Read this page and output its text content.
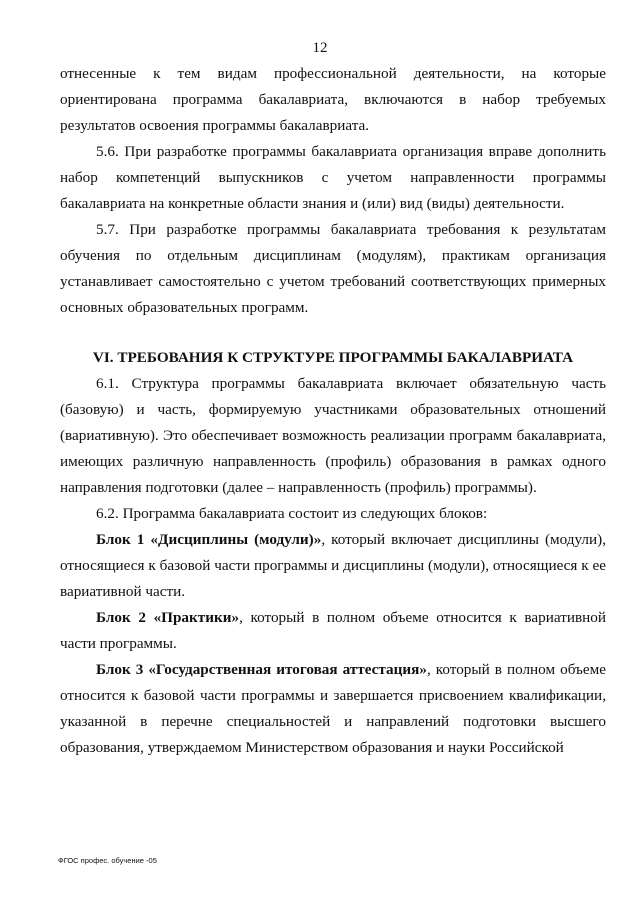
12

отнесенные к тем видам профессиональной деятельности, на которые ориентирована программа бакалавриата, включаются в набор требуемых результатов освоения программы бакалавриата.

5.6. При разработке программы бакалавриата организация вправе дополнить набор компетенций выпускников с учетом направленности программы бакалавриата на конкретные области знания и (или) вид (виды) деятельности.

5.7. При разработке программы бакалавриата требования к результатам обучения по отдельным дисциплинам (модулям), практикам организация устанавливает самостоятельно с учетом требований соответствующих примерных основных образовательных программ.

VI. ТРЕБОВАНИЯ К СТРУКТУРЕ ПРОГРАММЫ БАКАЛАВРИАТА

6.1. Структура программы бакалавриата включает обязательную часть (базовую) и часть, формируемую участниками образовательных отношений (вариативную). Это обеспечивает возможность реализации программ бакалавриата, имеющих различную направленность (профиль) образования в рамках одного направления подготовки (далее – направленность (профиль) программы).

6.2. Программа бакалавриата состоит из следующих блоков:

Блок 1 «Дисциплины (модули)», который включает дисциплины (модули), относящиеся к базовой части программы и дисциплины (модули), относящиеся к ее вариативной части.

Блок 2 «Практики», который в полном объеме относится к вариативной части программы.

Блок 3 «Государственная итоговая аттестация», который в полном объеме относится к базовой части программы и завершается присвоением квалификации, указанной в перечне специальностей и направлений подготовки высшего образования, утверждаемом Министерством образования и науки Российской

ФГОС профес. обучение -05
